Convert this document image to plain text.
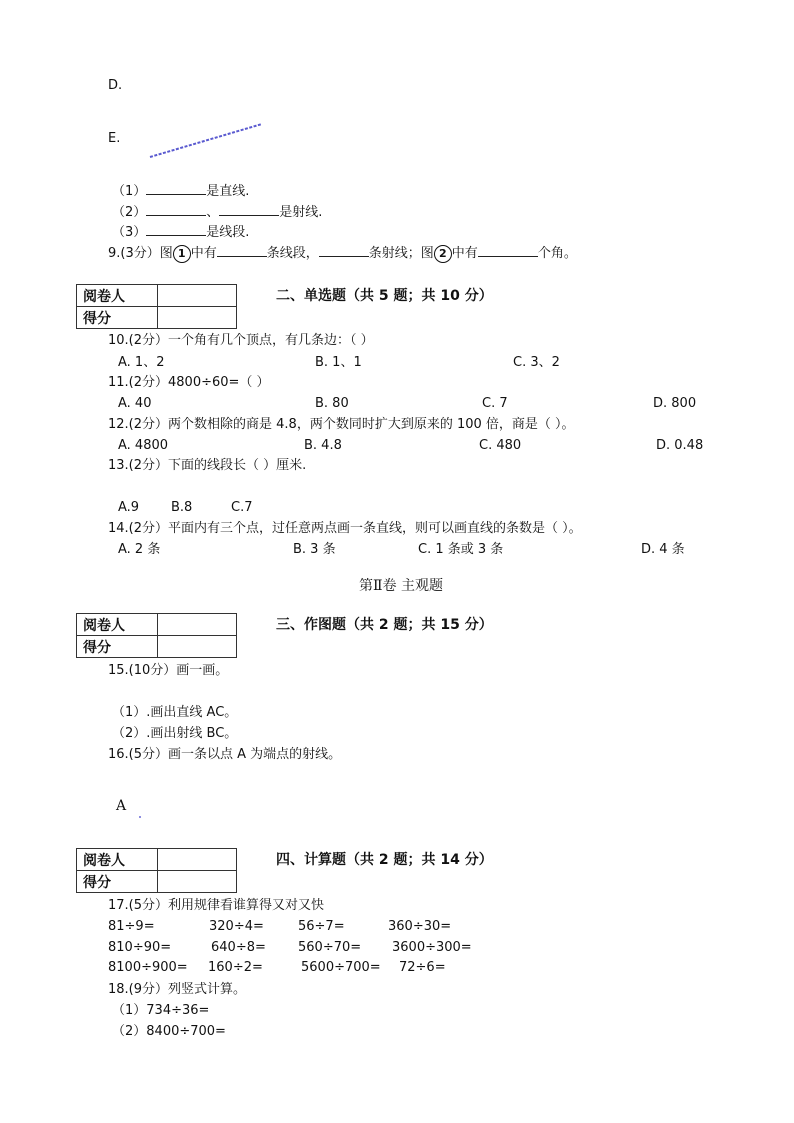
D.
E.
（1）	是直线.
（2）	、	是射线.
（3）	是线段.
9.(3分）图 1 中有	条线段，	条射线；图 2 中有	个角。
阅卷人	
得分	
二、单选题（共 5 题；共 10 分）
10.(2分）一个角有几个顶点，有几条边：（ ）
A. 1、2	B. 1、1	C. 3、2
11.(2分）4800÷60=（ ）
A. 40	B. 80	C. 7	D. 800
12.(2分）两个数相除的商是 4.8，两个数同时扩大到原来的 100 倍，商是（ ）。
A. 4800	B. 4.8	C. 480	D. 0.48
13.(2分）下面的线段长（ ）厘米.
A.9 B.8	C.7
14.(2分）平面内有三个点，过任意两点画一条直线，则可以画直线的条数是（ ）。
A. 2 条	B. 3 条	C. 1 条或 3 条	D. 4 条
第Ⅱ卷 主观题
阅卷人	
得分	
三、作图题（共 2 题；共 15 分）
15.(10分）画一画。
（1）.画出直线 AC。
（2）.画出射线 BC。
16.(5分）画一条以点 A 为端点的射线。
A
阅卷人	
得分	
四、计算题（共 2 题；共 14 分）
17.(5分）利用规律看谁算得又对又快
81÷9=	320÷4=	56÷7=	360÷30=
810÷90=	640÷8= 560÷70= 3600÷300=
8100÷900= 160÷2=	5600÷700= 72÷6=
18.(9分）列竖式计算。
（1）734÷36=
（2）8400÷700=
